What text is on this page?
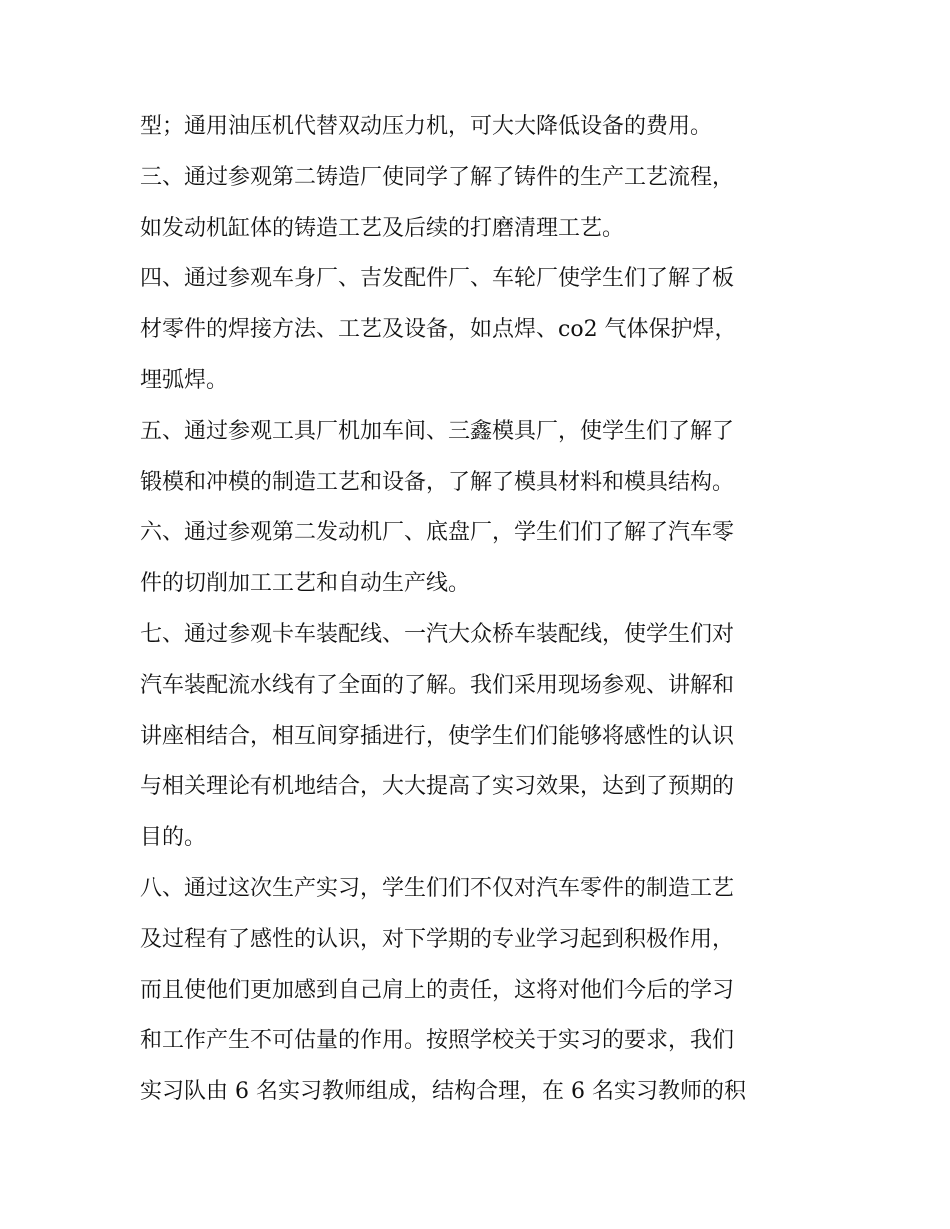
型；通用油压机代替双动压力机，可大大降低设备的费用。
三、通过参观第二铸造厂使同学了解了铸件的生产工艺流程，
如发动机缸体的铸造工艺及后续的打磨清理工艺。
四、通过参观车身厂、吉发配件厂、车轮厂使学生们了解了板
材零件的焊接方法、工艺及设备，如点焊、co2 气体保护焊，
埋弧焊。
五、通过参观工具厂机加车间、三鑫模具厂，使学生们了解了
锻模和冲模的制造工艺和设备，了解了模具材料和模具结构。
六、通过参观第二发动机厂、底盘厂，学生们们了解了汽车零
件的切削加工工艺和自动生产线。
七、通过参观卡车装配线、一汽大众桥车装配线，使学生们对
汽车装配流水线有了全面的了解。我们采用现场参观、讲解和
讲座相结合，相互间穿插进行，使学生们们能够将感性的认识
与相关理论有机地结合，大大提高了实习效果，达到了预期的
目的。
八、通过这次生产实习，学生们们不仅对汽车零件的制造工艺
及过程有了感性的认识，对下学期的专业学习起到积极作用，
而且使他们更加感到自己肩上的责任，这将对他们今后的学习
和工作产生不可估量的作用。按照学校关于实习的要求，我们
实习队由 6 名实习教师组成，结构合理，在 6 名实习教师的积
